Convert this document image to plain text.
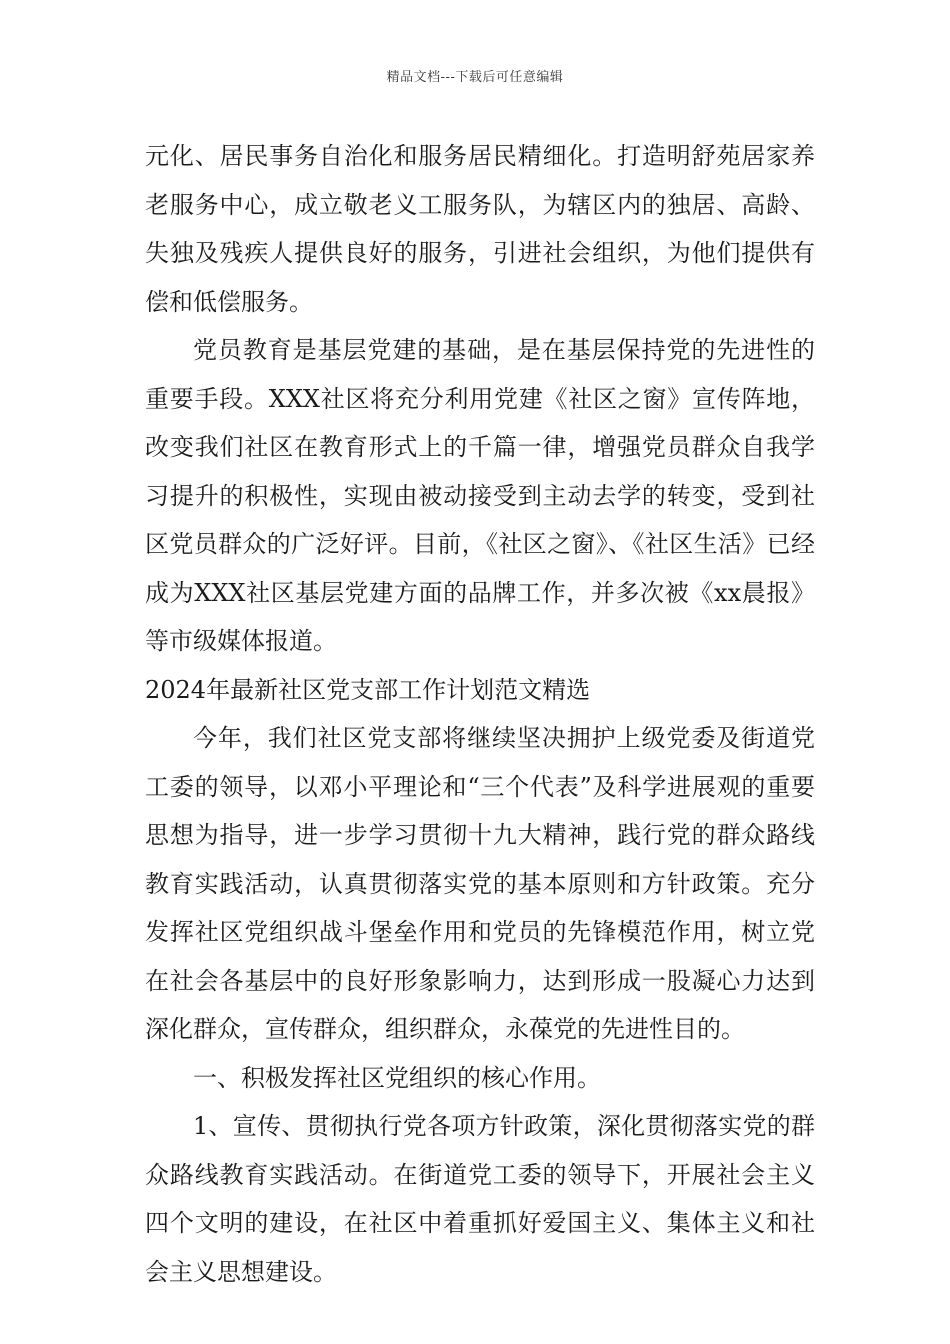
精品文档---下载后可任意编辑

元化、居民事务自治化和服务居民精细化。打造明舒苑居家养老服务中心，成立敬老义工服务队，为辖区内的独居、高龄、失独及残疾人提供良好的服务，引进社会组织，为他们提供有偿和低偿服务。

党员教育是基层党建的基础，是在基层保持党的先进性的重要手段。XXX社区将充分利用党建《社区之窗》宣传阵地，改变我们社区在教育形式上的千篇一律，增强党员群众自我学习提升的积极性，实现由被动接受到主动去学的转变，受到社区党员群众的广泛好评。目前，《社区之窗》、《社区生活》已经成为XXX社区基层党建方面的品牌工作，并多次被《xx晨报》等市级媒体报道。

2024年最新社区党支部工作计划范文精选

今年，我们社区党支部将继续坚决拥护上级党委及街道党工委的领导，以邓小平理论和“三个代表”及科学进展观的重要思想为指导，进一步学习贯彻十九大精神，践行党的群众路线教育实践活动，认真贯彻落实党的基本原则和方针政策。充分发挥社区党组织战斗堡垒作用和党员的先锋模范作用，树立党在社会各基层中的良好形象影响力，达到形成一股凝心力达到深化群众，宣传群众，组织群众，永葆党的先进性目的。

一、积极发挥社区党组织的核心作用。

1、宣传、贯彻执行党各项方针政策，深化贯彻落实党的群众路线教育实践活动。在街道党工委的领导下，开展社会主义四个文明的建设，在社区中着重抓好爱国主义、集体主义和社会主义思想建设。
